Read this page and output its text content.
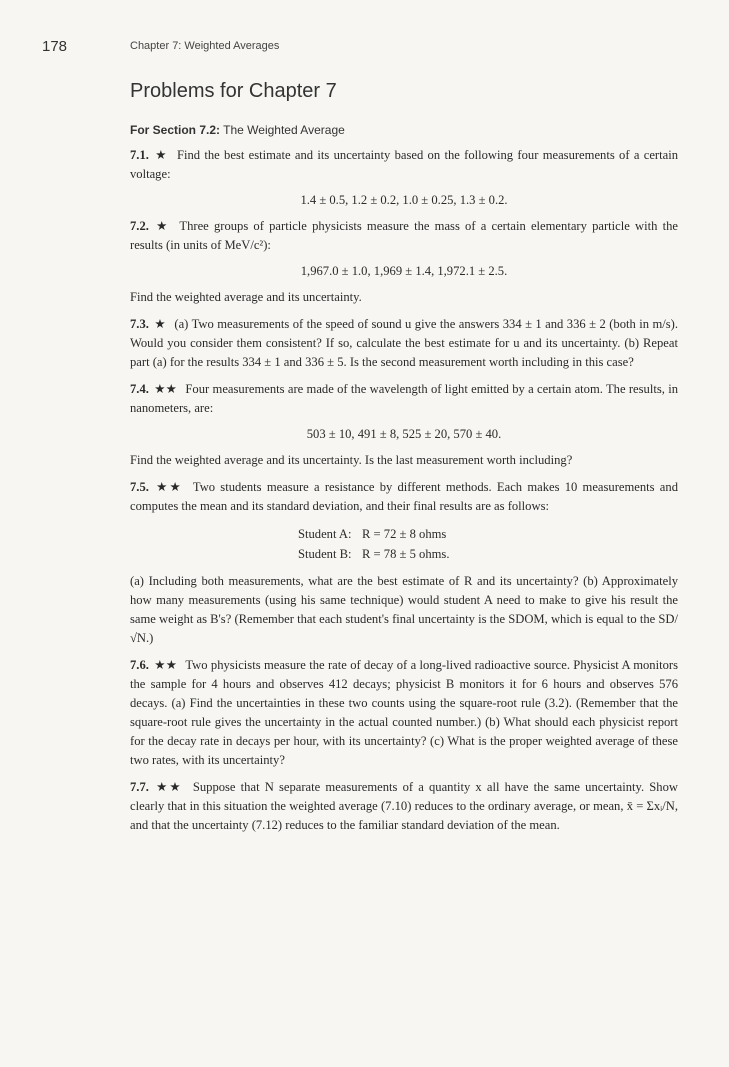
178	Chapter 7: Weighted Averages
Problems for Chapter 7
For Section 7.2: The Weighted Average
7.1. ★ Find the best estimate and its uncertainty based on the following four measurements of a certain voltage:
1.4 ± 0.5, 1.2 ± 0.2, 1.0 ± 0.25, 1.3 ± 0.2.
7.2. ★ Three groups of particle physicists measure the mass of a certain elementary particle with the results (in units of MeV/c²):
1,967.0 ± 1.0, 1,969 ± 1.4, 1,972.1 ± 2.5.
Find the weighted average and its uncertainty.
7.3. ★ (a) Two measurements of the speed of sound u give the answers 334 ± 1 and 336 ± 2 (both in m/s). Would you consider them consistent? If so, calculate the best estimate for u and its uncertainty. (b) Repeat part (a) for the results 334 ± 1 and 336 ± 5. Is the second measurement worth including in this case?
7.4. ★★ Four measurements are made of the wavelength of light emitted by a certain atom. The results, in nanometers, are:
503 ± 10, 491 ± 8, 525 ± 20, 570 ± 40.
Find the weighted average and its uncertainty. Is the last measurement worth including?
7.5. ★★ Two students measure a resistance by different methods. Each makes 10 measurements and computes the mean and its standard deviation, and their final results are as follows:
Student A: R = 72 ± 8 ohms
Student B: R = 78 ± 5 ohms.
(a) Including both measurements, what are the best estimate of R and its uncertainty? (b) Approximately how many measurements (using his same technique) would student A need to make to give his result the same weight as B's? (Remember that each student's final uncertainty is the SDOM, which is equal to the SD/√N.)
7.6. ★★ Two physicists measure the rate of decay of a long-lived radioactive source. Physicist A monitors the sample for 4 hours and observes 412 decays; physicist B monitors it for 6 hours and observes 576 decays. (a) Find the uncertainties in these two counts using the square-root rule (3.2). (Remember that the square-root rule gives the uncertainty in the actual counted number.) (b) What should each physicist report for the decay rate in decays per hour, with its uncertainty? (c) What is the proper weighted average of these two rates, with its uncertainty?
7.7. ★★ Suppose that N separate measurements of a quantity x all have the same uncertainty. Show clearly that in this situation the weighted average (7.10) reduces to the ordinary average, or mean, x̄ = Σxᵢ/N, and that the uncertainty (7.12) reduces to the familiar standard deviation of the mean.
